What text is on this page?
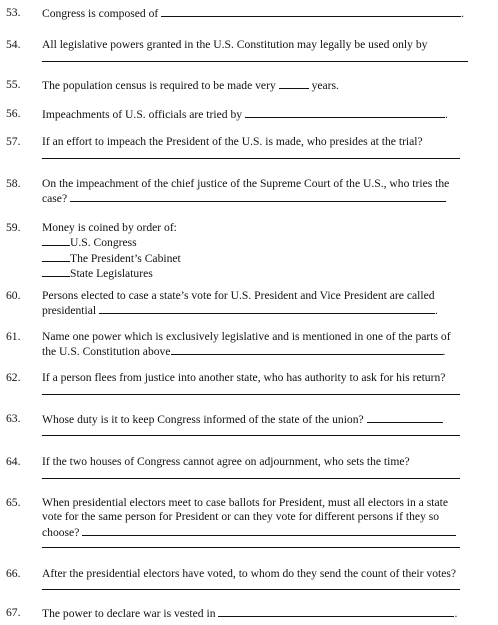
53. Congress is composed of	.
54. All legislative powers granted in the U.S. Constitution may legally be used only by
55. The population census is required to be made very	years.
56. Impeachments of U.S. officials are tried by	.
57. If an effort to impeach the President of the U.S. is made, who presides at the trial?
58. On the impeachment of the chief justice of the Supreme Court of the U.S., who tries the
case?
59. Money is coined by order of:
U.S. Congress
The President’s Cabinet
State Legislatures
60. Persons elected to case a state’s vote for U.S. President and Vice President are called
presidential	.
61. Name one power which is exclusively legislative and is mentioned in one of the parts of
the U.S. Constitution above	.
62. If a person flees from justice into another state, who has authority to ask for his return?
63. Whose duty is it to keep Congress informed of the state of the union?
64. If the two houses of Congress cannot agree on adjournment, who sets the time?
65. When presidential electors meet to case ballots for President, must all electors in a state
vote for the same person for President or can they vote for different persons if they so
choose?
66. After the presidential electors have voted, to whom do they send the count of their votes?
67. The power to declare war is vested in	.
